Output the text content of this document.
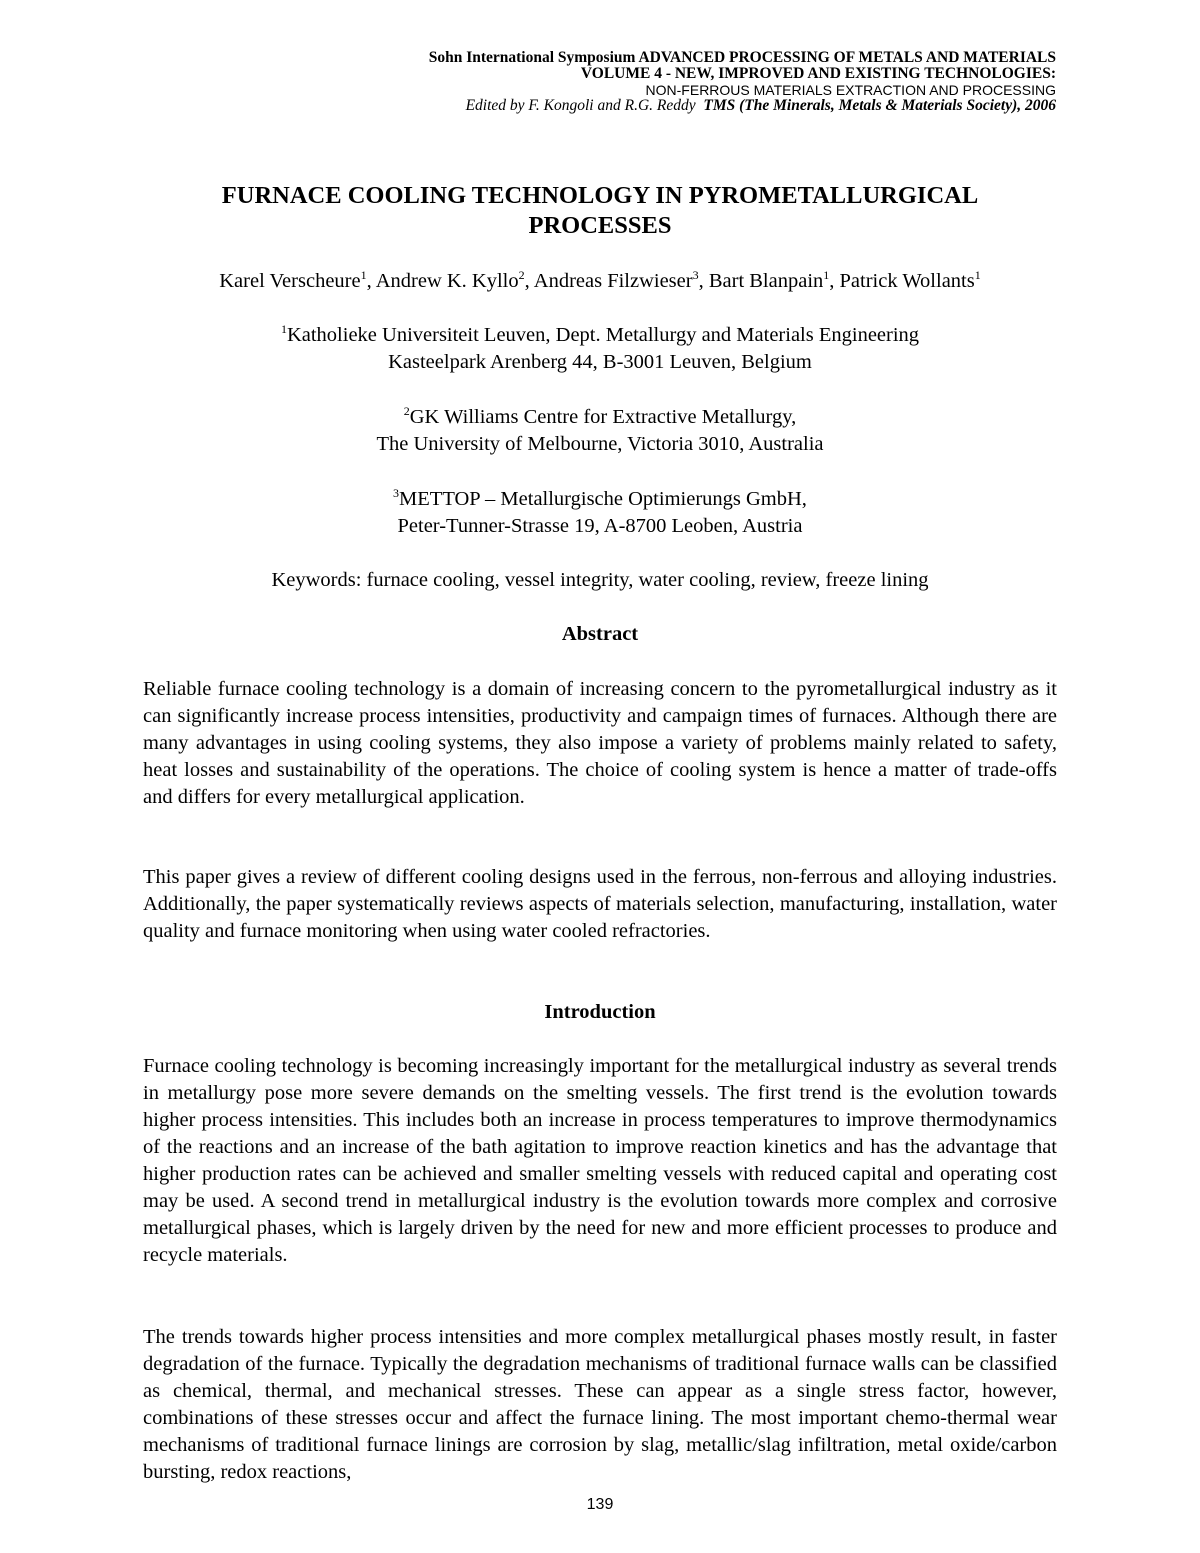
Sohn International Symposium ADVANCED PROCESSING OF METALS AND MATERIALS
VOLUME 4 - NEW, IMPROVED AND EXISTING TECHNOLOGIES:
NON-FERROUS MATERIALS EXTRACTION AND PROCESSING
Edited by F. Kongoli and R.G. Reddy TMS (The Minerals, Metals & Materials Society), 2006
FURNACE COOLING TECHNOLOGY IN PYROMETALLURGICAL
PROCESSES
Karel Verscheure$^1$, Andrew K. Kyllo$^2$, Andreas Filzwieser$^3$, Bart Blanpain$^1$, Patrick Wollants$^1$
$^1$Katholieke Universiteit Leuven, Dept. Metallurgy and Materials Engineering
Kasteelpark Arenberg 44, B-3001 Leuven, Belgium
$^2$GK Williams Centre for Extractive Metallurgy,
The University of Melbourne, Victoria 3010, Australia
$^3$METTOP – Metallurgische Optimierungs GmbH,
Peter-Tunner-Strasse 19, A-8700 Leoben, Austria
Keywords: furnace cooling, vessel integrity, water cooling, review, freeze lining
Abstract
Reliable furnace cooling technology is a domain of increasing concern to the pyrometallurgical industry as it can significantly increase process intensities, productivity and campaign times of furnaces. Although there are many advantages in using cooling systems, they also impose a variety of problems mainly related to safety, heat losses and sustainability of the operations. The choice of cooling system is hence a matter of trade-offs and differs for every metallurgical application.
This paper gives a review of different cooling designs used in the ferrous, non-ferrous and alloying industries. Additionally, the paper systematically reviews aspects of materials selection, manufacturing, installation, water quality and furnace monitoring when using water cooled refractories.
Introduction
Furnace cooling technology is becoming increasingly important for the metallurgical industry as several trends in metallurgy pose more severe demands on the smelting vessels. The first trend is the evolution towards higher process intensities. This includes both an increase in process temperatures to improve thermodynamics of the reactions and an increase of the bath agitation to improve reaction kinetics and has the advantage that higher production rates can be achieved and smaller smelting vessels with reduced capital and operating cost may be used. A second trend in metallurgical industry is the evolution towards more complex and corrosive metallurgical phases, which is largely driven by the need for new and more efficient processes to produce and recycle materials.
The trends towards higher process intensities and more complex metallurgical phases mostly result, in faster degradation of the furnace. Typically the degradation mechanisms of traditional furnace walls can be classified as chemical, thermal, and mechanical stresses. These can appear as a single stress factor, however, combinations of these stresses occur and affect the furnace lining. The most important chemo-thermal wear mechanisms of traditional furnace linings are corrosion by slag, metallic/slag infiltration, metal oxide/carbon bursting, redox reactions,
139
